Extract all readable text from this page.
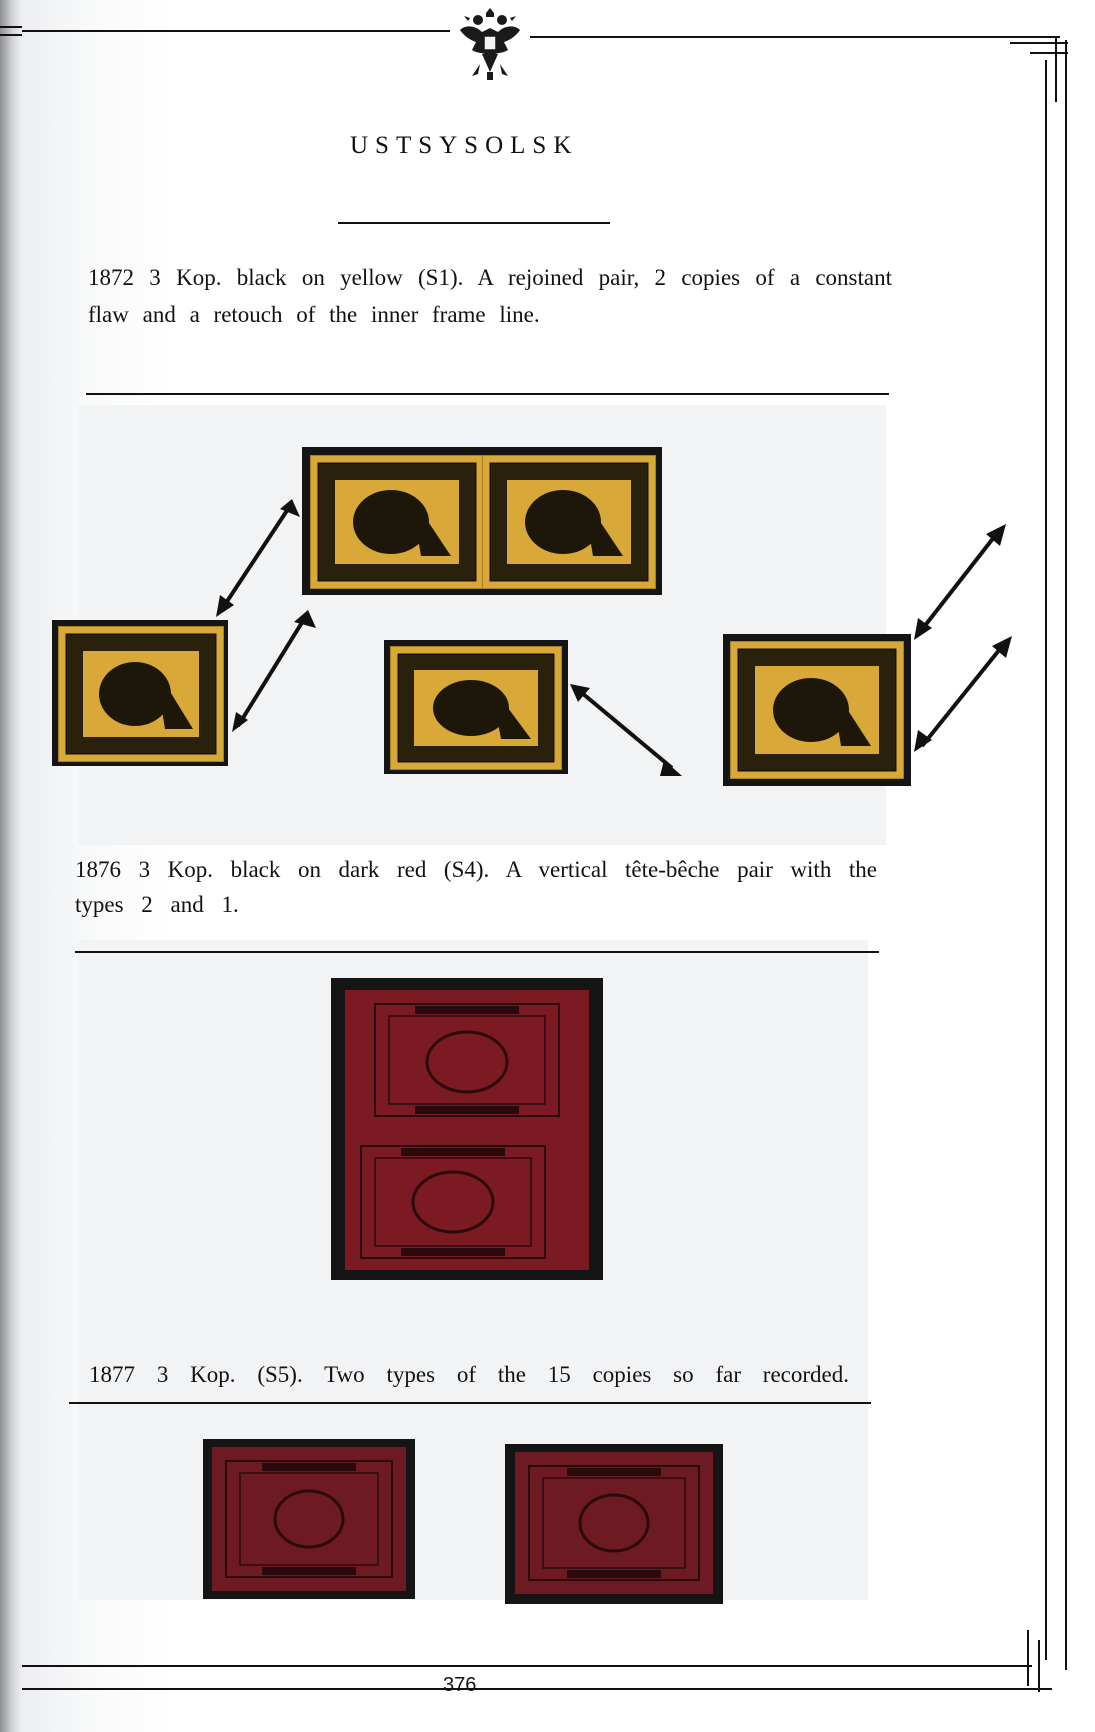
USTSYSOLSK
1872 3 Kop. black on yellow (S1). A rejoined pair, 2 copies of a constant
flaw and a retouch of the inner frame line.
1876 3 Kop. black on dark red (S4). A vertical tête-bêche pair with the
types 2 and 1.
1877 3 Kop. (S5). Two types of the 15 copies so far recorded.
376
